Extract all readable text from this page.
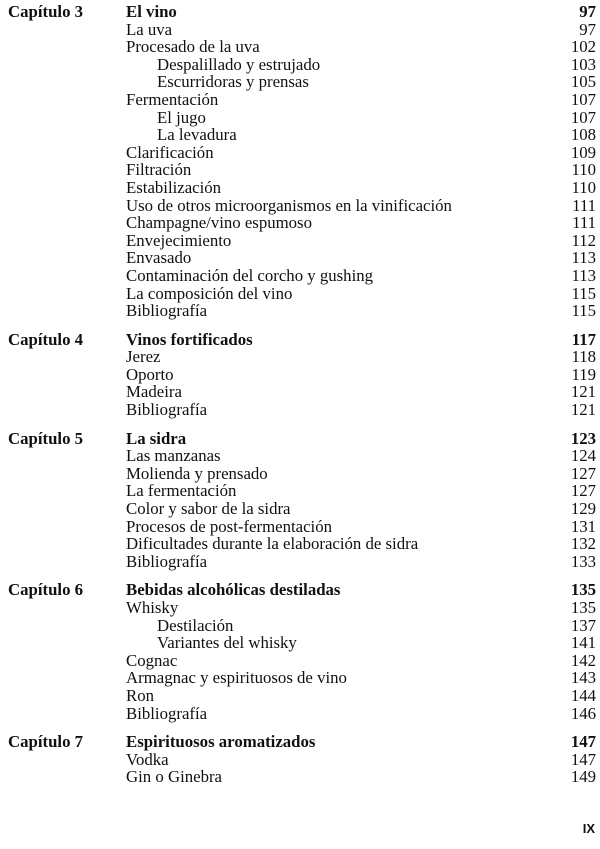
Capítulo 3	El vino	97
La uva	97
Procesado de la uva	102
Despalillado y estrujado	103
Escurridoras y prensas	105
Fermentación	107
El jugo	107
La levadura	108
Clarificación	109
Filtración	110
Estabilización	110
Uso de otros microorganismos en la vinificación	111
Champagne/vino espumoso	111
Envejecimiento	112
Envasado	113
Contaminación del corcho y gushing	113
La composición del vino	115
Bibliografía	115
Capítulo 4	Vinos fortificados	117
Jerez	118
Oporto	119
Madeira	121
Bibliografía	121
Capítulo 5	La sidra	123
Las manzanas	124
Molienda y prensado	127
La fermentación	127
Color y sabor de la sidra	129
Procesos de post-fermentación	131
Dificultades durante la elaboración de sidra	132
Bibliografía	133
Capítulo 6	Bebidas alcohólicas destiladas	135
Whisky	135
Destilación	137
Variantes del whisky	141
Cognac	142
Armagnac y espirituosos de vino	143
Ron	144
Bibliografía	146
Capítulo 7	Espirituosos aromatizados	147
Vodka	147
Gin o Ginebra	149
IX
